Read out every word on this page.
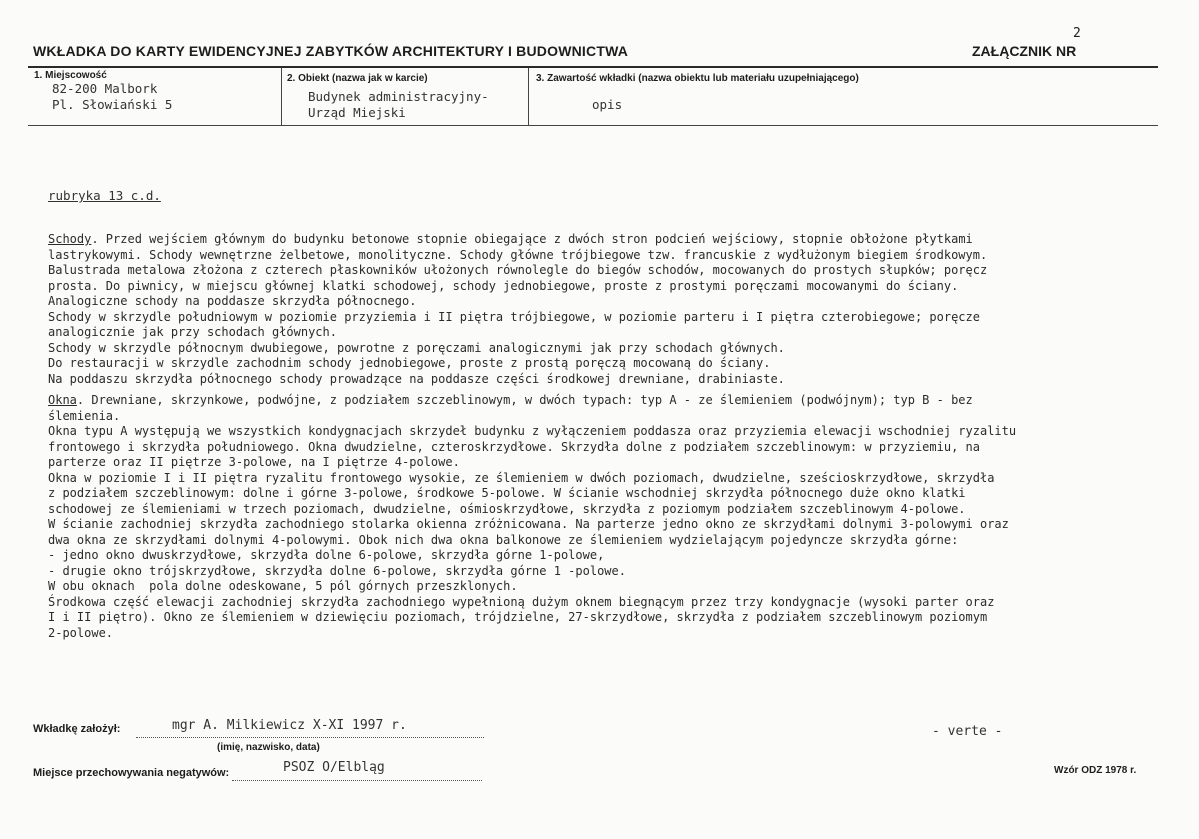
WKŁADKA DO KARTY EWIDENCYJNEJ ZABYTKÓW ARCHITEKTURY I BUDOWNICTWA	ZAŁĄCZNIK NR
2
1. Miejscowość
82-200 Malbork
Pl. Słowiański 5
2. Obiekt (nazwa jak w karcie)
Budynek administracyjny-
Urząd Miejski
3. Zawartość wkładki (nazwa obiektu lub materiału uzupełniającego)
opis
rubryka 13 c.d.
Schody. Przed wejściem głównym do budynku betonowe stopnie obiegające z dwóch stron podcień wejściowy, stopnie obłożone płytkami
lastrykowymi. Schody wewnętrzne żelbetowe, monolityczne. Schody główne trójbiegowe tzw. francuskie z wydłużonym biegiem środkowym.
Balustrada metalowa złożona z czterech płaskowników ułożonych równolegle do biegów schodów, mocowanych do prostych słupków; poręcz
prosta. Do piwnicy, w miejscu głównej klatki schodowej, schody jednobiegowe, proste z prostymi poręczami mocowanymi do ściany.
Analogiczne schody na poddasze skrzydła północnego.
Schody w skrzydle południowym w poziomie przyziemia i II piętra trójbiegowe, w poziomie parteru i I piętra czterobiegowe; poręcze
analogicznie jak przy schodach głównych.
Schody w skrzydle północnym dwubiegowe, powrotne z poręczami analogicznymi jak przy schodach głównych.
Do restauracji w skrzydle zachodnim schody jednobiegowe, proste z prostą poręczą mocowaną do ściany.
Na poddaszu skrzydła północnego schody prowadzące na poddasze części środkowej drewniane, drabiniaste.
Okna. Drewniane, skrzynkowe, podwójne, z podziałem szczeblinowym, w dwóch typach: typ A - ze ślemieniem (podwójnym); typ B - bez
ślemienia.
Okna typu A występują we wszystkich kondygnacjach skrzydeł budynku z wyłączeniem poddasza oraz przyziemia elewacji wschodniej ryzalitu
frontowego i skrzydła południowego. Okna dwudzielne, czteroskrzydłowe. Skrzydła dolne z podziałem szczeblinowym: w przyziemiu, na
parterze oraz II piętrze 3-polowe, na I piętrze 4-polowe.
Okna w poziomie I i II piętra ryzalitu frontowego wysokie, ze ślemieniem w dwóch poziomach, dwudzielne, sześcioskrzydłowe, skrzydła
z podziałem szczeblinowym: dolne i górne 3-polowe, środkowe 5-polowe. W ścianie wschodniej skrzydła północnego duże okno klatki
schodowej ze ślemieniami w trzech poziomach, dwudzielne, ośmioskrzydłowe, skrzydła z poziomym podziałem szczeblinowym 4-polowe.
W ścianie zachodniej skrzydła zachodniego stolarka okienna zróżnicowana. Na parterze jedno okno ze skrzydłami dolnymi 3-polowymi oraz
dwa okna ze skrzydłami dolnymi 4-polowymi. Obok nich dwa okna balkonowe ze ślemieniem wydzielającym pojedyncze skrzydła górne:
- jedno okno dwuskrzydłowe, skrzydła dolne 6-polowe, skrzydła górne 1-polowe,
- drugie okno trójskrzydłowe, skrzydła dolne 6-polowe, skrzydła górne 1 -polowe.
W obu oknach  pola dolne odeskowane, 5 pól górnych przeszklonych.
Środkowa część elewacji zachodniej skrzydła zachodniego wypełnioną dużym oknem biegnącym przez trzy kondygnacje (wysoki parter oraz
I i II piętro). Okno ze ślemieniem w dziewięciu poziomach, trójdzielne, 27-skrzydłowe, skrzydła z podziałem szczeblinowym poziomym
2-polowe.
Wkładkę założył:	mgr A. Milkiewicz X-XI 1997 r.
(imię, nazwisko, data)
Miejsce przechowywania negatywów:	PSOZ O/Elbląg
- verte -
Wzór ODZ 1978 r.
